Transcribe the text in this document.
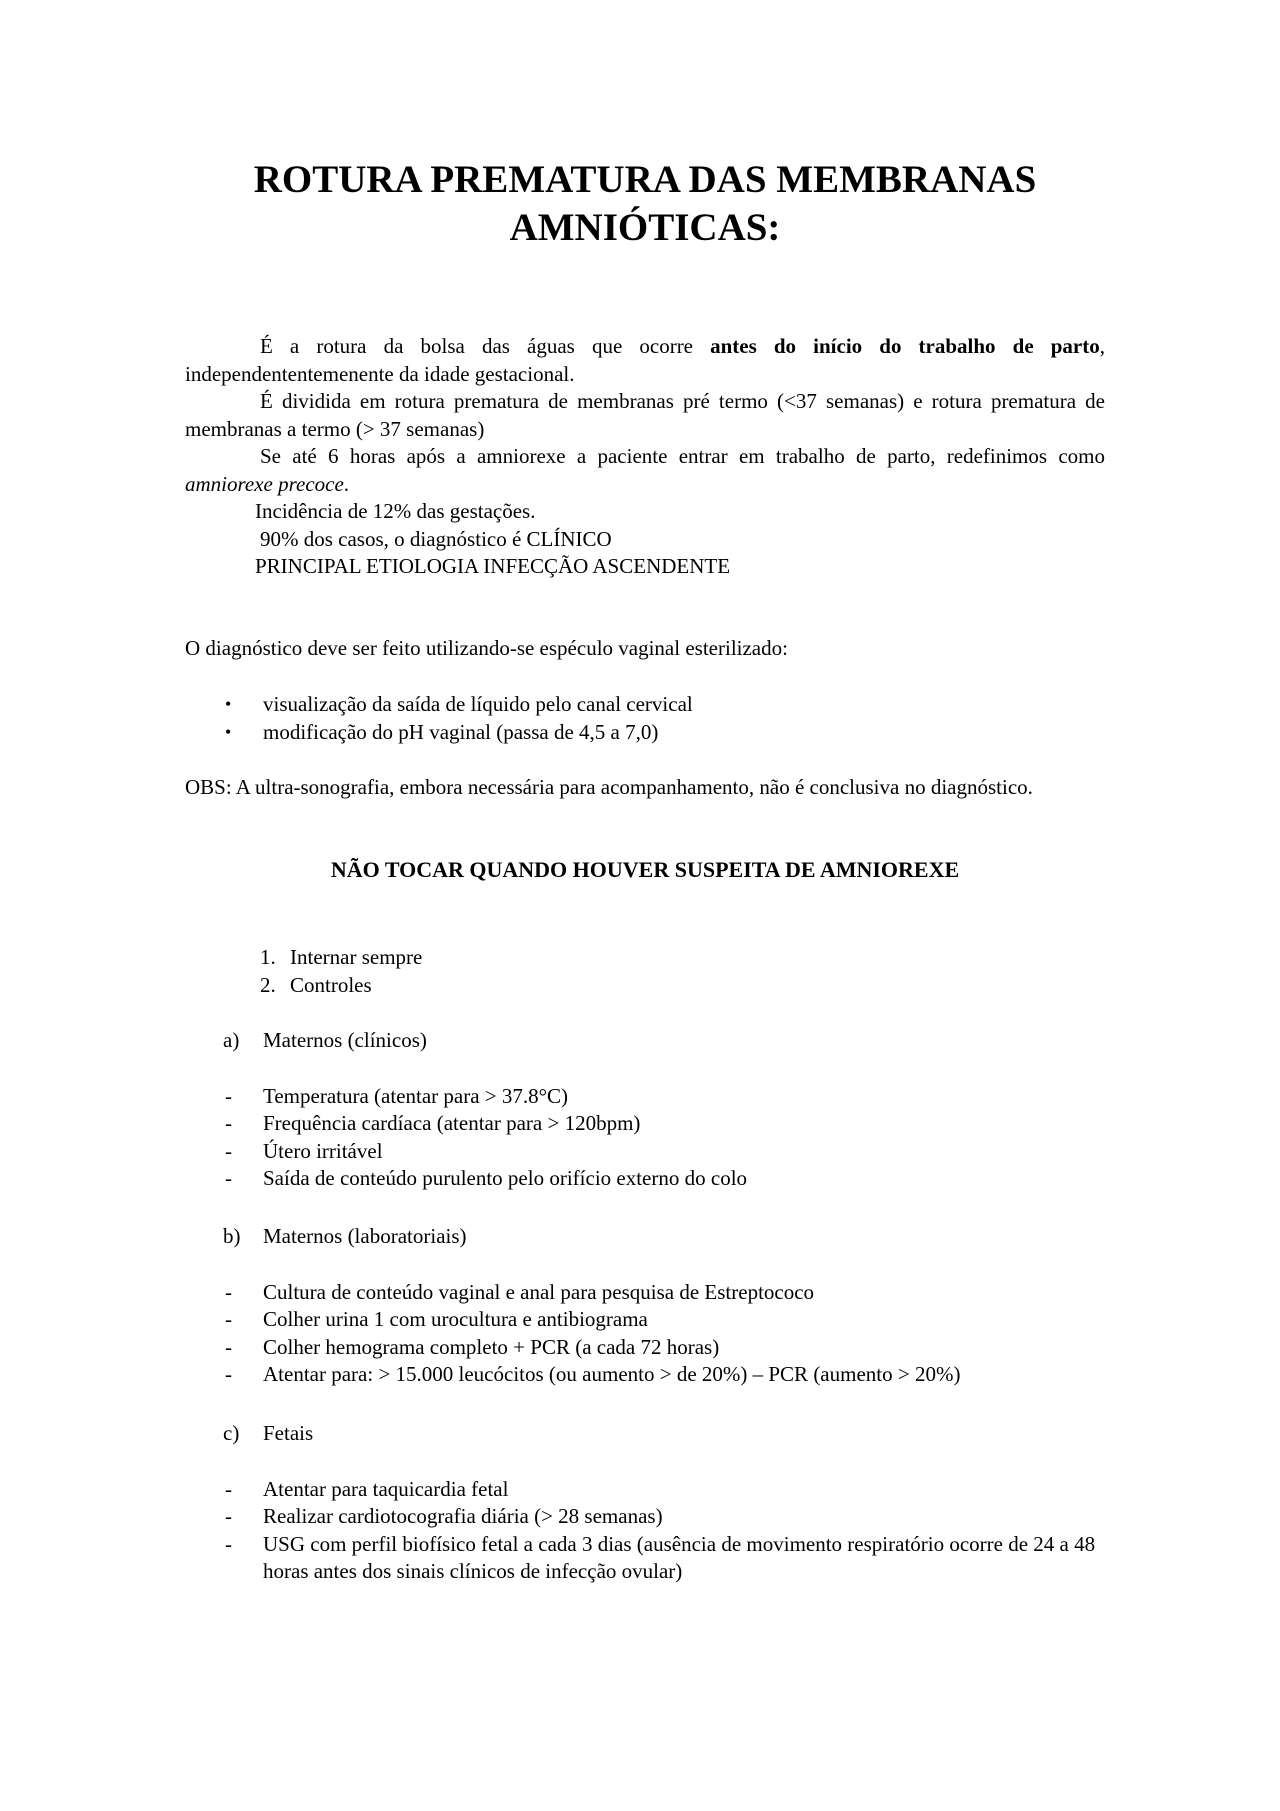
ROTURA PREMATURA DAS MEMBRANAS
AMNIÓTICAS:

É a rotura da bolsa das águas que ocorre antes do início do trabalho de parto, independententemenente da idade gestacional.

É dividida em rotura prematura de membranas pré termo (<37 semanas) e rotura prematura de membranas a termo (> 37 semanas)

Se até 6 horas após a amniorexe a paciente entrar em trabalho de parto, redefinimos como amniorexe precoce.

Incidência de 12% das gestações.

90% dos casos, o diagnóstico é CLÍNICO

PRINCIPAL ETIOLOGIA INFECÇÃO ASCENDENTE

O diagnóstico deve ser feito utilizando-se espéculo vaginal esterilizado:

• visualização da saída de líquido pelo canal cervical
• modificação do pH vaginal (passa de 4,5 a 7,0)

OBS: A ultra-sonografia, embora necessária para acompanhamento, não é conclusiva no diagnóstico.

NÃO TOCAR QUANDO HOUVER SUSPEITA DE AMNIOREXE

1. Internar sempre
2. Controles

a) Maternos (clínicos)

- Temperatura (atentar para > 37.8°C)
- Frequência cardíaca (atentar para > 120bpm)
- Útero irritável
- Saída de conteúdo purulento pelo orifício externo do colo

b) Maternos (laboratoriais)

- Cultura de conteúdo vaginal e anal para pesquisa de Estreptococo
- Colher urina 1 com urocultura e antibiograma
- Colher hemograma completo + PCR (a cada 72 horas)
- Atentar para: > 15.000 leucócitos (ou aumento > de 20%) – PCR (aumento > 20%)

c) Fetais

- Atentar para taquicardia fetal
- Realizar cardiotocografia diária (> 28 semanas)
- USG com perfil biofísico fetal a cada 3 dias (ausência de movimento respiratório ocorre de 24 a 48 horas antes dos sinais clínicos de infecção ovular)
